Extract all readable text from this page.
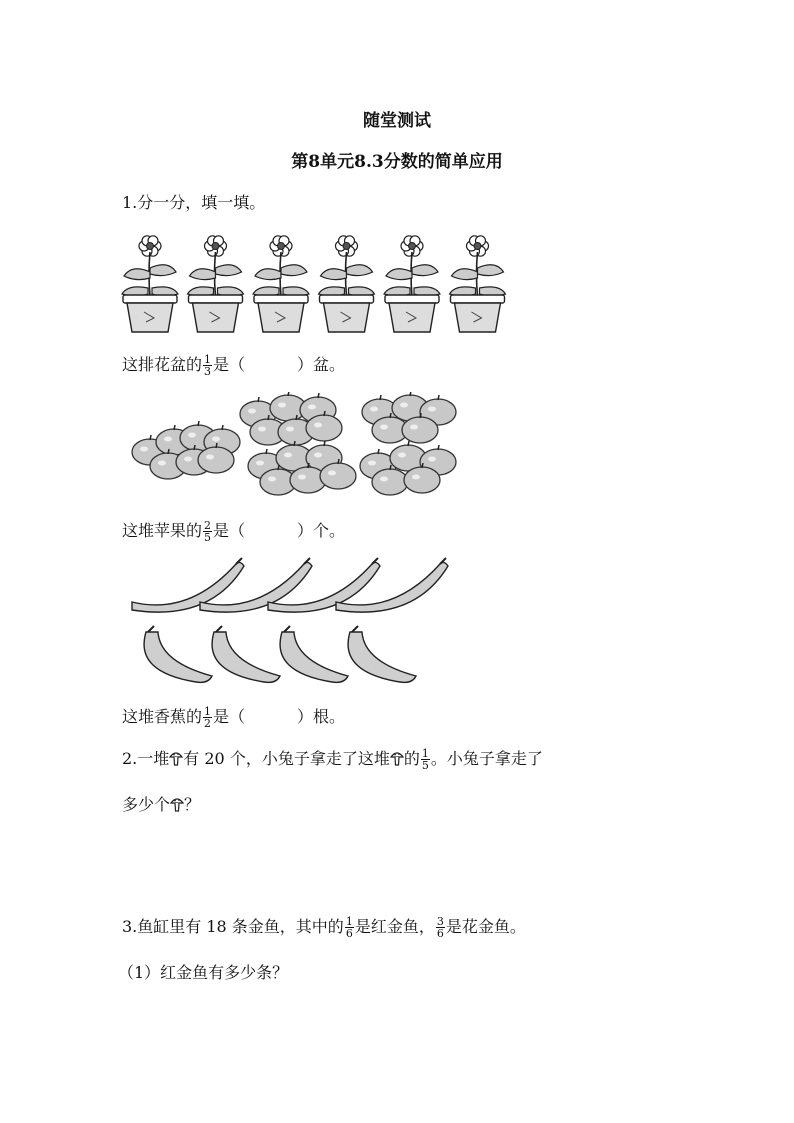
随堂测试
第8单元8.3分数的简单应用
1.分一分，填一填。
这排花盆的 $\frac{1}{3}$ 是（	）盆。
这堆苹果的 $\frac{2}{5}$ 是（	）个。
这堆香蕉的 $\frac{1}{2}$ 是（	）根。
2.一堆 有 20 个，小兔子拿走了这堆 的 $\frac{1}{5}$ 。小兔子拿走了
多少个 ？
3.鱼缸里有 18 条金鱼，其中的 $\frac{1}{6}$ 是红金鱼， $\frac{3}{6}$ 是花金鱼。
（1）红金鱼有多少条？
